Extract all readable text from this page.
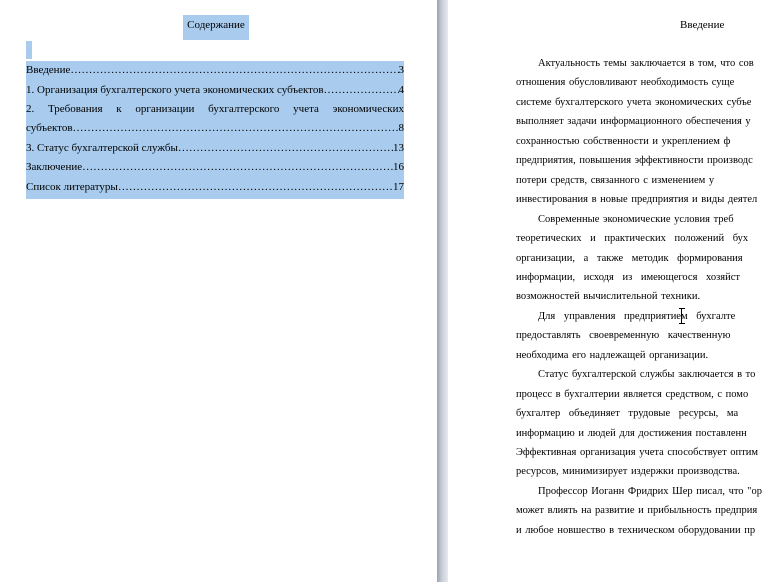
Содержание
Введение …………………………………………………………………………………………………………………………………………………………	3
1. Организация бухгалтерского учета экономических субъектов …………………………………………………………………………………………………………………………………………………………	4
2. Требования к организации бухгалтерского учета экономических
субъектов …………………………………………………………………………………………………………………………………………………………	8
3. Статус бухгалтерской службы …………………………………………………………………………………………………………………………………………………………	13
Заключение …………………………………………………………………………………………………………………………………………………………	16
Список литературы …………………………………………………………………………………………………………………………………………………………	17
Введение
Актуальность темы заключается в том, что сов
отношения обусловливают необходимость суще
системе бухгалтерского учета экономических субъе
выполняет задачи информационного обеспечения у
сохранностью собственности и укреплением ф
предприятия, повышения эффективности производс
потери средств, связанного с изменением у
инвестирования в новые предприятия и виды деятел
Современные экономические условия треб
теоретических и практических положений бух
организации, а также методик формирования
информации, исходя из имеющегося хозяйст
возможностей вычислительной техники.
Для управления предприятием бухгалте
предоставлять своевременную качественную
необходима его надлежащей организации.
Статус бухгалтерской службы заключается в то
процесс в бухгалтерии является средством, с помо
бухгалтер объединяет трудовые ресурсы, ма
информацию и людей для достижения поставленн
Эффективная организация учета способствует оптим
ресурсов, минимизирует издержки производства.
Профессор Иоганн Фридрих Шер писал, что "ор
может влиять на развитие и прибыльность предприя
и любое новшество в техническом оборудовании пр
